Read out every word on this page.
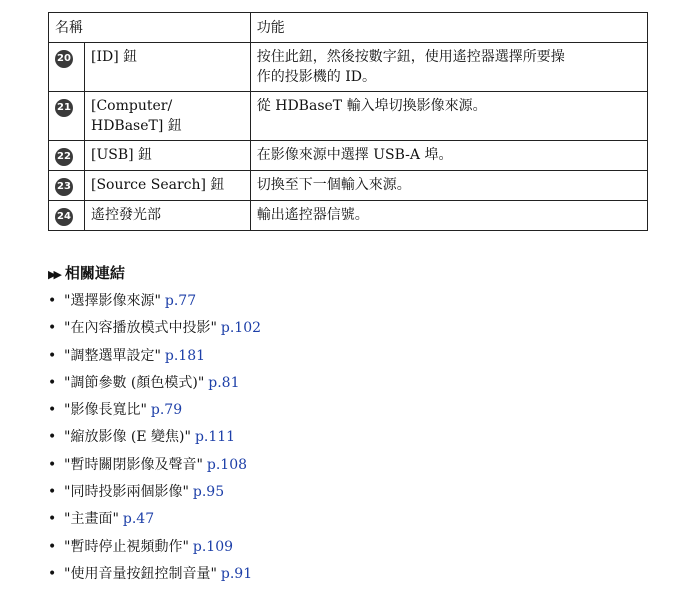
名稱		功能
20	[ID] 鈕	按住此鈕，然後按數字鈕，使用遙控器選擇所要操
作的投影機的 ID。
21	[Computer/
HDBaseT] 鈕	從 HDBaseT 輸入埠切換影像來源。
22	[USB] 鈕	在影像來源中選擇 USB-A 埠。
23	[Source Search] 鈕	切換至下一個輸入來源。
24	遙控發光部	輸出遙控器信號。
▶▶ 相關連結
• "選擇影像來源" p.77
• "在內容播放模式中投影" p.102
• "調整選單設定" p.181
• "調節參數 (顏色模式)" p.81
• "影像長寬比" p.79
• "縮放影像 (E 變焦)" p.111
• "暫時關閉影像及聲音" p.108
• "同時投影兩個影像" p.95
• "主畫面" p.47
• "暫時停止視頻動作" p.109
• "使用音量按鈕控制音量" p.91
